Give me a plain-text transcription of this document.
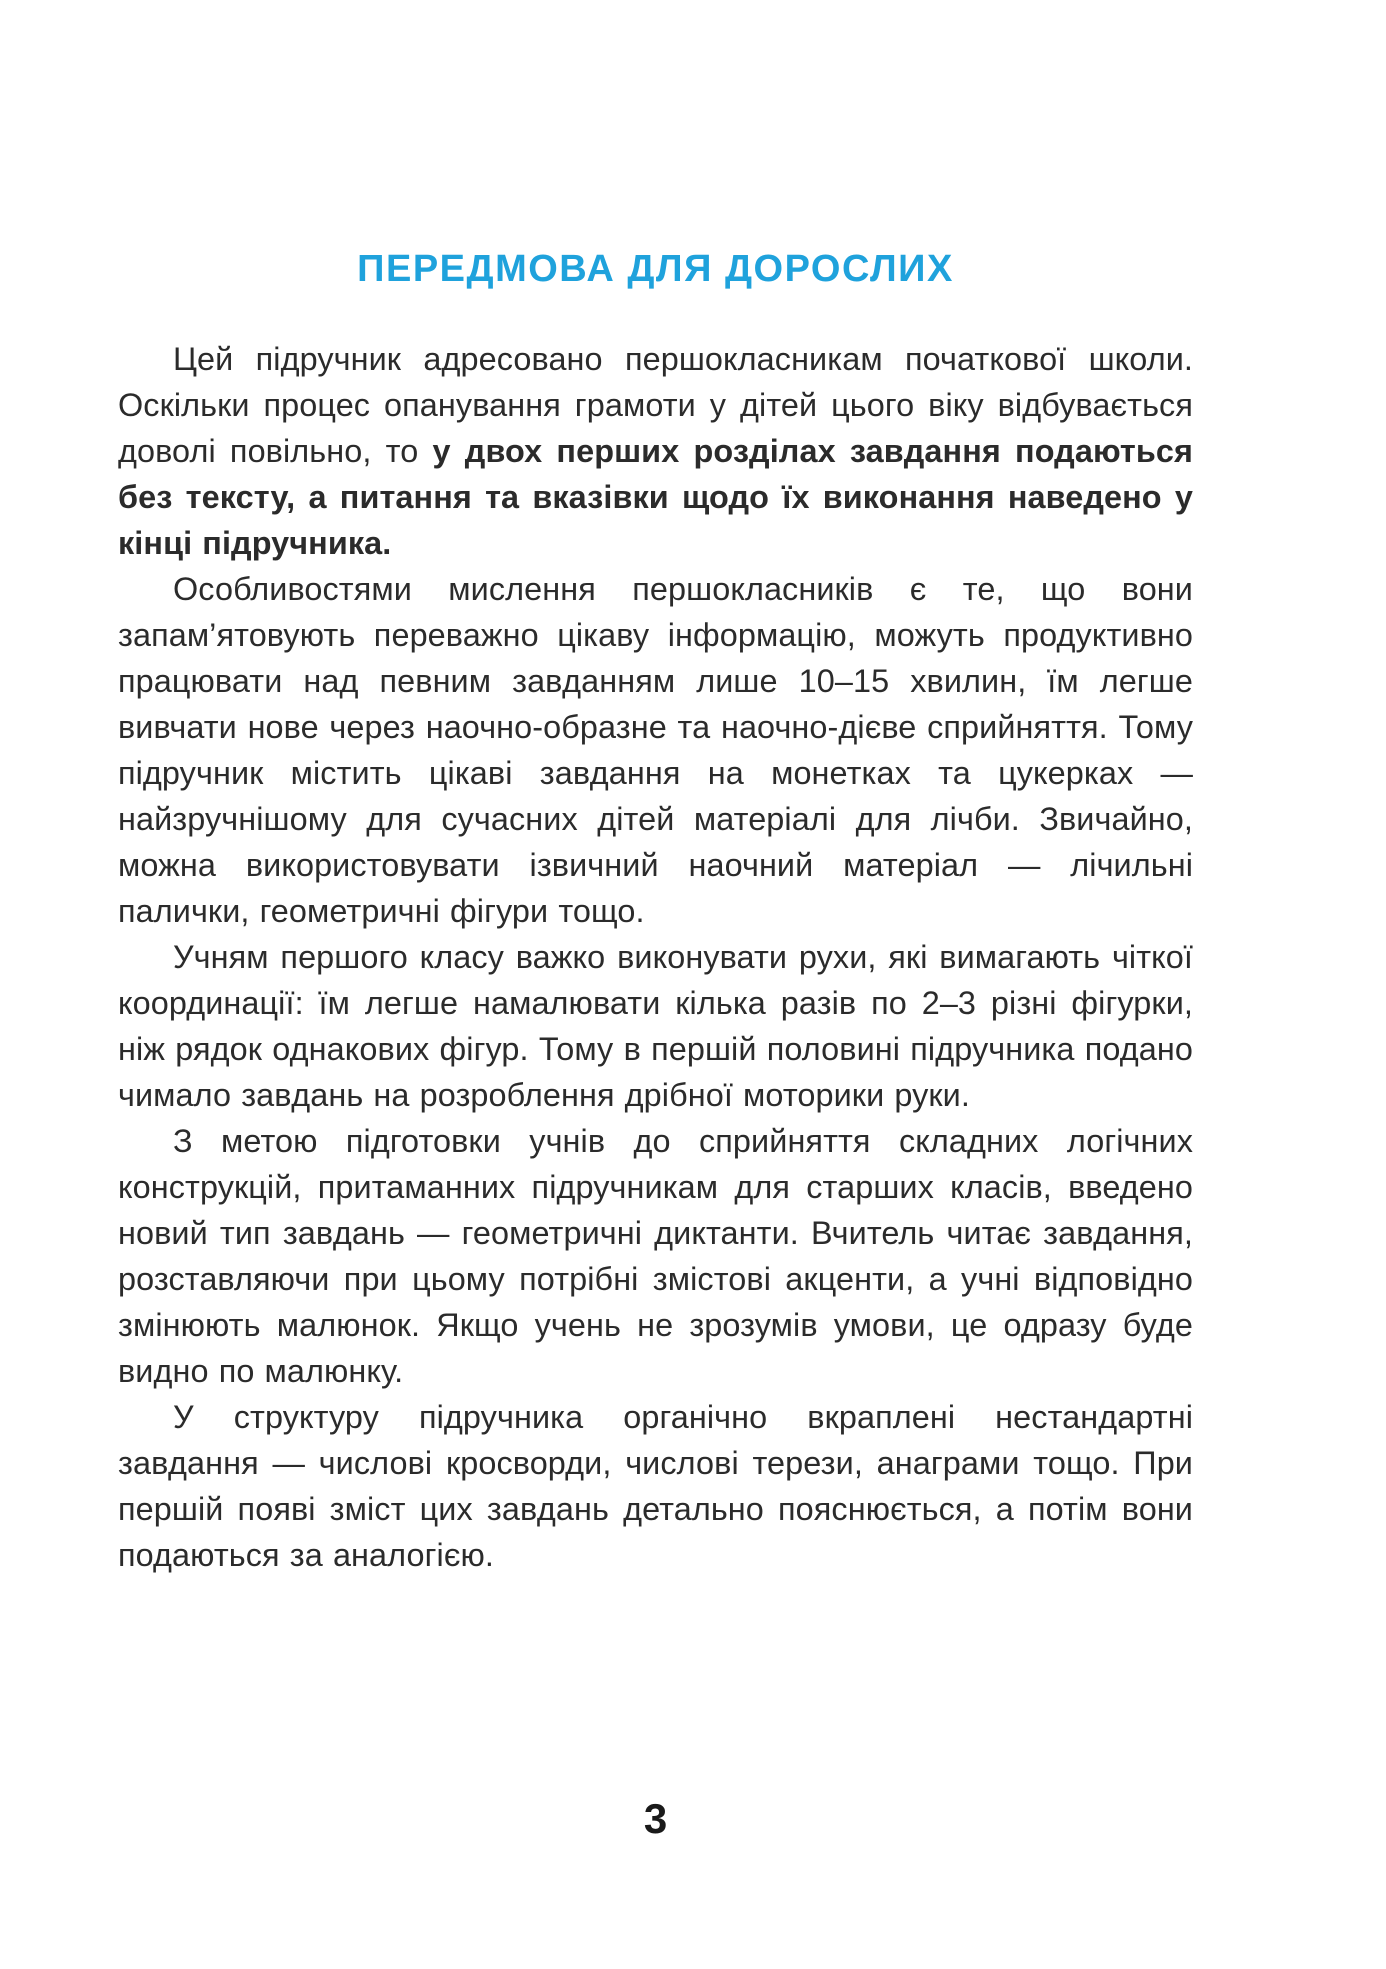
ПЕРЕДМОВА ДЛЯ ДОРОСЛИХ

Цей підручник адресовано першокласникам початкової школи. Оскільки процес опанування грамоти у дітей цього віку відбувається доволі повільно, то у двох перших розділах завдання подаються без тексту, а питання та вказівки щодо їх виконання наведено у кінці підручника.

Особливостями мислення першокласників є те, що вони запам’ятовують переважно цікаву інформацію, можуть продуктивно працювати над певним завданням лише 10–15 хвилин, їм легше вивчати нове через наочно-образне та наочно-дієве сприйняття. Тому підручник містить цікаві завдання на монетках та цукерках — найзручнішому для сучасних дітей матеріалі для лічби. Звичайно, можна використовувати ізвичний наочний матеріал — лічильні палички, геометричні фігури тощо.

Учням першого класу важко виконувати рухи, які вимагають чіткої координації: їм легше намалювати кілька разів по 2–3 різні фігурки, ніж рядок однакових фігур. Тому в першій половині підручника подано чимало завдань на розроблення дрібної моторики руки.

З метою підготовки учнів до сприйняття складних логічних конструкцій, притаманних підручникам для старших класів, введено новий тип завдань — геометричні диктанти. Вчитель читає завдання, розставляючи при цьому потрібні змістові акценти, а учні відповідно змінюють малюнок. Якщо учень не зрозумів умови, це одразу буде видно по малюнку.

У структуру підручника органічно вкраплені нестандартні завдання — числові кросворди, числові терези, анаграми тощо. При першій появі зміст цих завдань детально пояснюється, а потім вони подаються за аналогією.

3
